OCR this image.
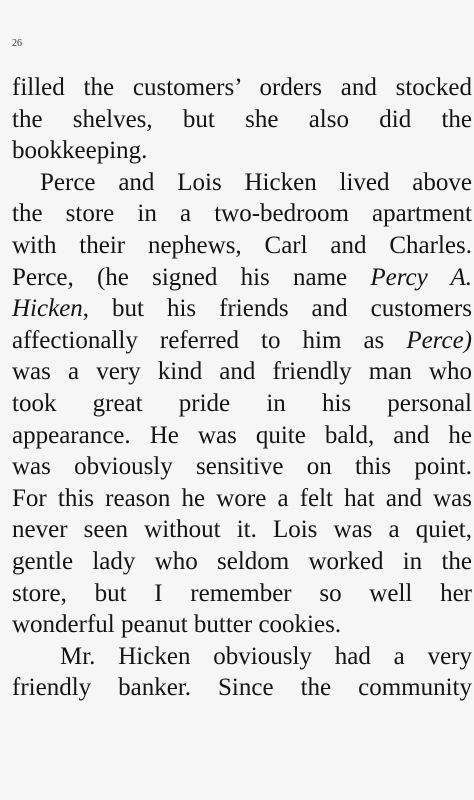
26
filled the customers’ orders and stocked
the shelves, but she also did the
bookkeeping.
Perce and Lois Hicken lived above
the store in a two-bedroom apartment
with their nephews, Carl and Charles.
Perce, (he signed his name Percy A.
Hicken, but his friends and customers
affectionally referred to him as Perce)
was a very kind and friendly man who
took great pride in his personal
appearance. He was quite bald, and he
was obviously sensitive on this point.
For this reason he wore a felt hat and was
never seen without it. Lois was a quiet,
gentle lady who seldom worked in the
store, but I remember so well her
wonderful peanut butter cookies.
Mr. Hicken obviously had a very
friendly banker. Since the community
